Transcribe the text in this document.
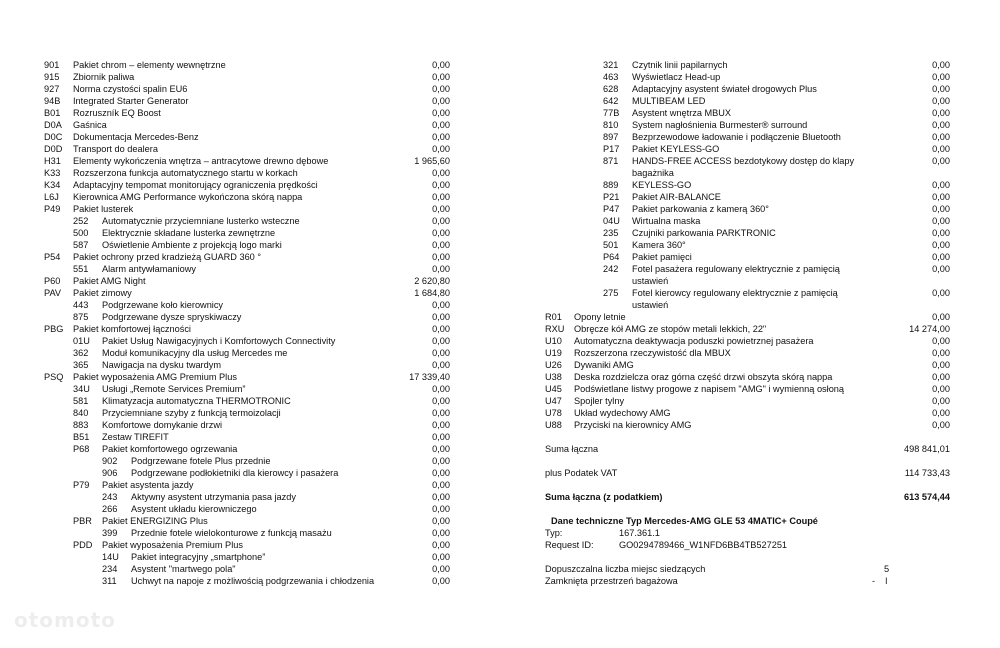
901 Pakiet chrom – elementy wewnętrzne	0,00
915 Zbiornik paliwa	0,00
927 Norma czystości spalin EU6	0,00
94B Integrated Starter Generator	0,00
B01 Rozruszník EQ Boost	0,00
D0A Gaśnica	0,00
D0C Dokumentacja Mercedes-Benz	0,00
D0D Transport do dealera	0,00
H31 Elementy wykończenia wnętrza – antracytowe drewno dębowe	1 965,60
K33 Rozszerzona funkcja automatycznego startu w korkach	0,00
K34 Adaptacyjny tempomat monitorujący ograniczenia prędkości	0,00
L6J Kierownica AMG Performance wykończona skórą nappa	0,00
P49 Pakiet lusterek	0,00
252 Automatycznie przyciemniane lusterko wsteczne	0,00
500 Elektrycznie składane lusterka zewnętrzne	0,00
587 Oświetlenie Ambiente z projekcją logo marki	0,00
P54 Pakiet ochrony przed kradzieżą GUARD 360 °	0,00
551 Alarm antywłamaniowy	0,00
P60 Pakiet AMG Night	2 620,80
PAV Pakiet zimowy	1 684,80
443 Podgrzewane koło kierownicy	0,00
875 Podgrzewane dysze spryskiwaczy	0,00
PBG Pakiet komfortowej łączności	0,00
01U Pakiet Usług Nawigacyjnych i Komfortowych Connectivity	0,00
362 Moduł komunikacyjny dla usług Mercedes me	0,00
365 Nawigacja na dysku twardym	0,00
PSQ Pakiet wyposażenia AMG Premium Plus	17 339,40
34U Usługi „Remote Services Premium”	0,00
581 Klimatyzacja automatyczna THERMOTRONIC	0,00
840 Przyciemniane szyby z funkcją termoizolacji	0,00
883 Komfortowe domykanie drzwi	0,00
B51 Zestaw TIREFIT	0,00
P68 Pakiet komfortowego ogrzewania	0,00
902 Podgrzewane fotele Plus przednie	0,00
906 Podgrzewane podłokietniki dla kierowcy i pasażera	0,00
P79 Pakiet asystenta jazdy	0,00
243 Aktywny asystent utrzymania pasa jazdy	0,00
266 Asystent układu kierowniczego	0,00
PBR Pakiet ENERGIZING Plus	0,00
399 Przednie fotele wielokonturowe z funkcją masażu	0,00
PDD Pakiet wyposażenia Premium Plus	0,00
14U Pakiet integracyjny „smartphone”	0,00
234 Asystent "martwego pola"	0,00
311 Uchwyt na napoje z możliwością podgrzewania i chłodzenia	0,00
321 Czytnik linii papilarnych	0,00
463 Wyświetlacz Head-up	0,00
628 Adaptacyjny asystent świateł drogowych Plus	0,00
642 MULTIBEAM LED	0,00
77B Asystent wnętrza MBUX	0,00
810 System nagłośnienia Burmester® surround	0,00
897 Bezprzewodowe ładowanie i podłączenie Bluetooth	0,00
P17 Pakiet KEYLESS-GO	0,00
871 HANDS-FREE ACCESS bezdotykowy dostęp do klapy bagażnika
0,00
889 KEYLESS-GO	0,00
P21 Pakiet AIR-BALANCE	0,00
P47 Pakiet parkowania z kamerą 360°	0,00
04U Wirtualna maska	0,00
235 Czujniki parkowania PARKTRONIC	0,00
501 Kamera 360°	0,00
P64 Pakiet pamięci	0,00
242 Fotel pasażera regulowany elektrycznie z pamięcią ustawień
0,00
275 Fotel kierowcy regulowany elektrycznie z pamięcią ustawień
0,00
R01 Opony letnie	0,00
RXU Obręcze kół AMG ze stopów metali lekkich, 22"	14 274,00
U10 Automatyczna deaktywacja poduszki powietrznej pasażera	0,00
U19 Rozszerzona rzeczywistość dla MBUX	0,00
U26 Dywaniki AMG	0,00
U38 Deska rozdzielcza oraz górna część drzwi obszyta skórą nappa	0,00
U45 Podświetlane listwy progowe z napisem "AMG" i wymienną osłoną	0,00
U47 Spojler tylny	0,00
U78 Układ wydechowy AMG	0,00
U88 Przyciski na kierownicy AMG	0,00
Suma łączna	498 841,01
plus Podatek VAT	114 733,43
Suma łączna (z podatkiem)	613 574,44
Dane techniczne Typ Mercedes-AMG GLE 53 4MATIC+ Coupé
Typ:	167.361.1
Request ID:	GO0294789466_W1NFD6BB4TB527251
Dopuszczalna liczba miejsc siedzących	5
Zamknięta przestrzeń bagażowa	-    l
otomoto
